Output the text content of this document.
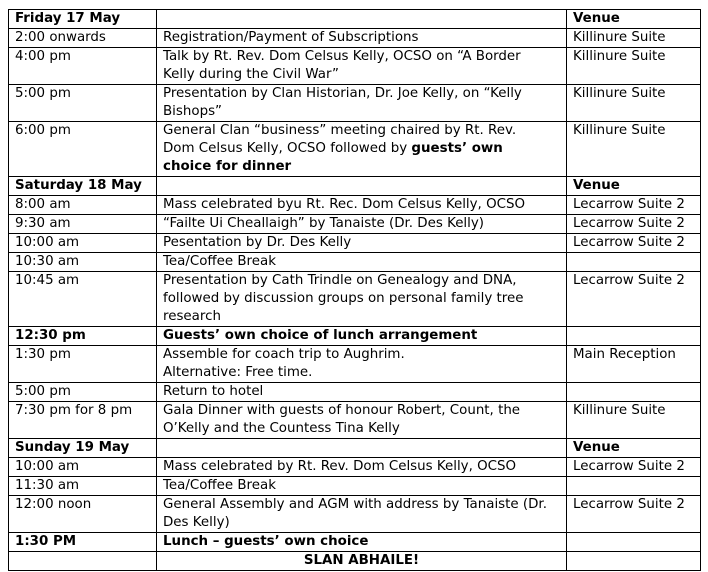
Friday 17 May		Venue
2:00 onwards	Registration/Payment of Subscriptions	Killinure Suite
4:00 pm	Talk by Rt. Rev. Dom Celsus Kelly, OCSO on “A Border
Kelly during the Civil War”	Killinure Suite
5:00 pm	Presentation by Clan Historian, Dr. Joe Kelly, on “Kelly
Bishops”	Killinure Suite
6:00 pm	General Clan “business” meeting chaired by Rt. Rev.
Dom Celsus Kelly, OCSO followed by guests’ own
choice for dinner	Killinure Suite
Saturday 18 May		Venue
8:00 am	Mass celebrated byu Rt. Rec. Dom Celsus Kelly, OCSO	Lecarrow Suite 2
9:30 am	“Failte Ui Cheallaigh” by Tanaiste (Dr. Des Kelly)	Lecarrow Suite 2
10:00 am	Pesentation by Dr. Des Kelly	Lecarrow Suite 2
10:30 am	Tea/Coffee Break	

10:45 am	Presentation by Cath Trindle on Genealogy and DNA,
followed by discussion groups on personal family tree
research	Lecarrow Suite 2
12:30 pm	Guests’ own choice of lunch arrangement	

1:30 pm	Assemble for coach trip to Aughrim.
Alternative: Free time.	Main Reception
5:00 pm	Return to hotel	

7:30 pm for 8 pm	Gala Dinner with guests of honour Robert, Count, the
O’Kelly and the Countess Tina Kelly	Killinure Suite
Sunday 19 May		Venue
10:00 am	Mass celebrated by Rt. Rev. Dom Celsus Kelly, OCSO	Lecarrow Suite 2
11:30 am	Tea/Coffee Break	

12:00 noon	General Assembly and AGM with address by Tanaiste (Dr.
Des Kelly)	Lecarrow Suite 2
1:30 PM	Lunch – guests’ own choice	

	SLAN ABHAILE!	
